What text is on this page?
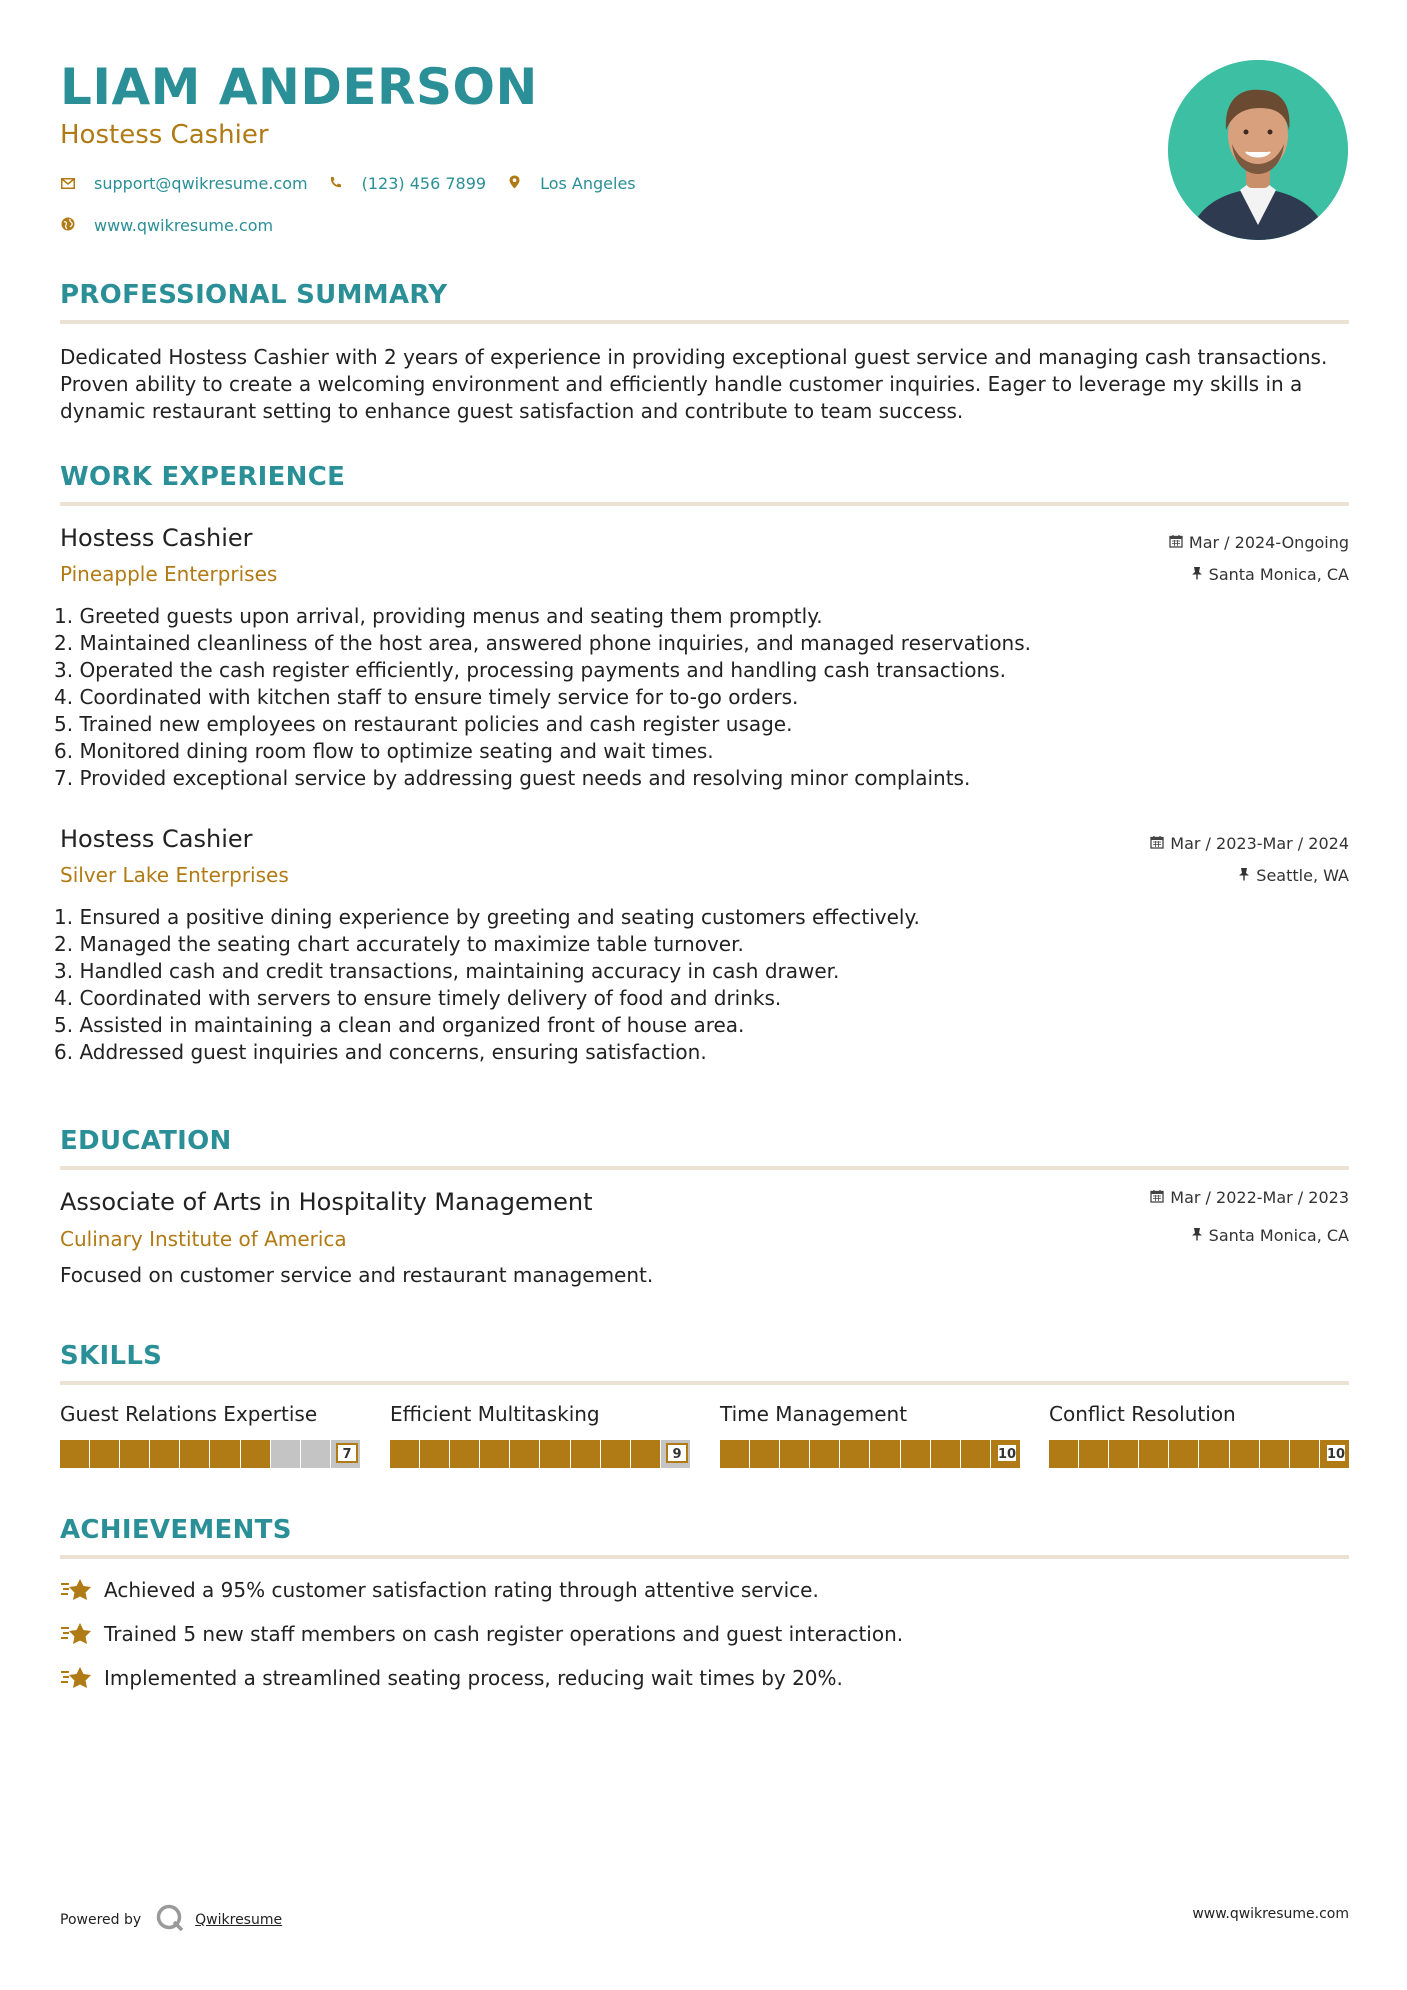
LIAM ANDERSON
Hostess Cashier
support@qwikresume.com	(123) 456 7899	Los Angeles
www.qwikresume.com
PROFESSIONAL SUMMARY
Dedicated Hostess Cashier with 2 years of experience in providing exceptional guest service and managing cash transactions. Proven ability to create a welcoming environment and efficiently handle customer inquiries. Eager to leverage my skills in a dynamic restaurant setting to enhance guest satisfaction and contribute to team success.
WORK EXPERIENCE
Hostess Cashier
Pineapple Enterprises
Mar / 2024-Ongoing
Santa Monica, CA
1. Greeted guests upon arrival, providing menus and seating them promptly.
2. Maintained cleanliness of the host area, answered phone inquiries, and managed reservations.
3. Operated the cash register efficiently, processing payments and handling cash transactions.
4. Coordinated with kitchen staff to ensure timely service for to-go orders.
5. Trained new employees on restaurant policies and cash register usage.
6. Monitored dining room flow to optimize seating and wait times.
7. Provided exceptional service by addressing guest needs and resolving minor complaints.
Hostess Cashier
Silver Lake Enterprises
Mar / 2023-Mar / 2024
Seattle, WA
1. Ensured a positive dining experience by greeting and seating customers effectively.
2. Managed the seating chart accurately to maximize table turnover.
3. Handled cash and credit transactions, maintaining accuracy in cash drawer.
4. Coordinated with servers to ensure timely delivery of food and drinks.
5. Assisted in maintaining a clean and organized front of house area.
6. Addressed guest inquiries and concerns, ensuring satisfaction.
EDUCATION
Associate of Arts in Hospitality Management
Culinary Institute of America
Mar / 2022-Mar / 2023
Santa Monica, CA
Focused on customer service and restaurant management.
SKILLS
Guest Relations Expertise
7
Efficient Multitasking
9
Time Management
10
Conflict Resolution
10
ACHIEVEMENTS
Achieved a 95% customer satisfaction rating through attentive service.
Trained 5 new staff members on cash register operations and guest interaction.
Implemented a streamlined seating process, reducing wait times by 20%.
Powered by	Qwikresume	www.qwikresume.com
